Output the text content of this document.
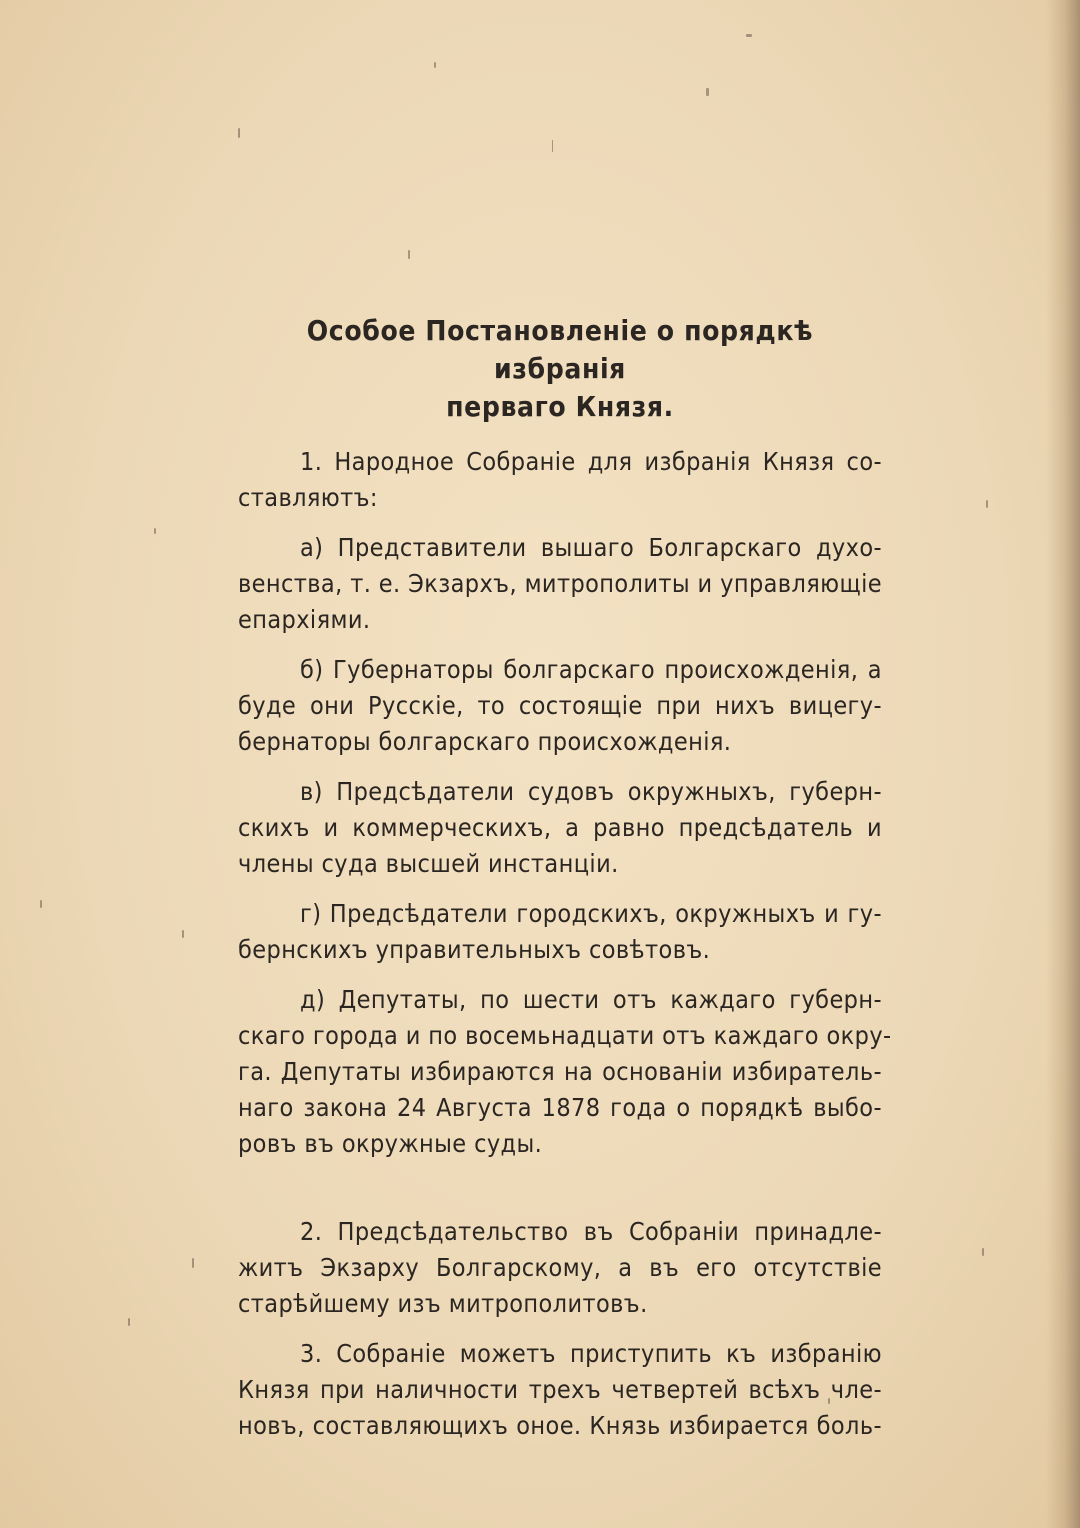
Особое Постановленіе о порядкѣ избранія
перваго Князя.

1. Народное Собраніе для избранія Князя со-
ставляютъ:

а) Представители вышаго Болгарскаго духо-
венства, т. е. Экзархъ, митрополиты и управляющіе
епархіями.

б) Губернаторы болгарскаго происхожденія, а
буде они Русскіе, то состоящіе при нихъ вицегу-
бернаторы болгарскаго происхожденія.

в) Предсѣдатели судовъ окружныхъ, губерн-
скихъ и коммерческихъ, а равно предсѣдатель и
члены суда высшей инстанціи.

г) Предсѣдатели городскихъ, окружныхъ и гу-
бернскихъ управительныхъ совѣтовъ.

д) Депутаты, по шести отъ каждаго губерн-
скаго города и по восемьнадцати отъ каждаго окру-
га. Депутаты избираются на основаніи избиратель-
наго закона 24 Августа 1878 года о порядкѣ выбо-
ровъ въ окружные суды.

2. Предсѣдательство въ Собраніи принадле-
житъ Экзарху Болгарскому, а въ его отсутствіе
старѣйшему изъ митрополитовъ.

3. Собраніе можетъ приступить къ избранію
Князя при наличности трехъ четвертей всѣхъ чле-
новъ, составляющихъ оное. Князь избирается боль-
